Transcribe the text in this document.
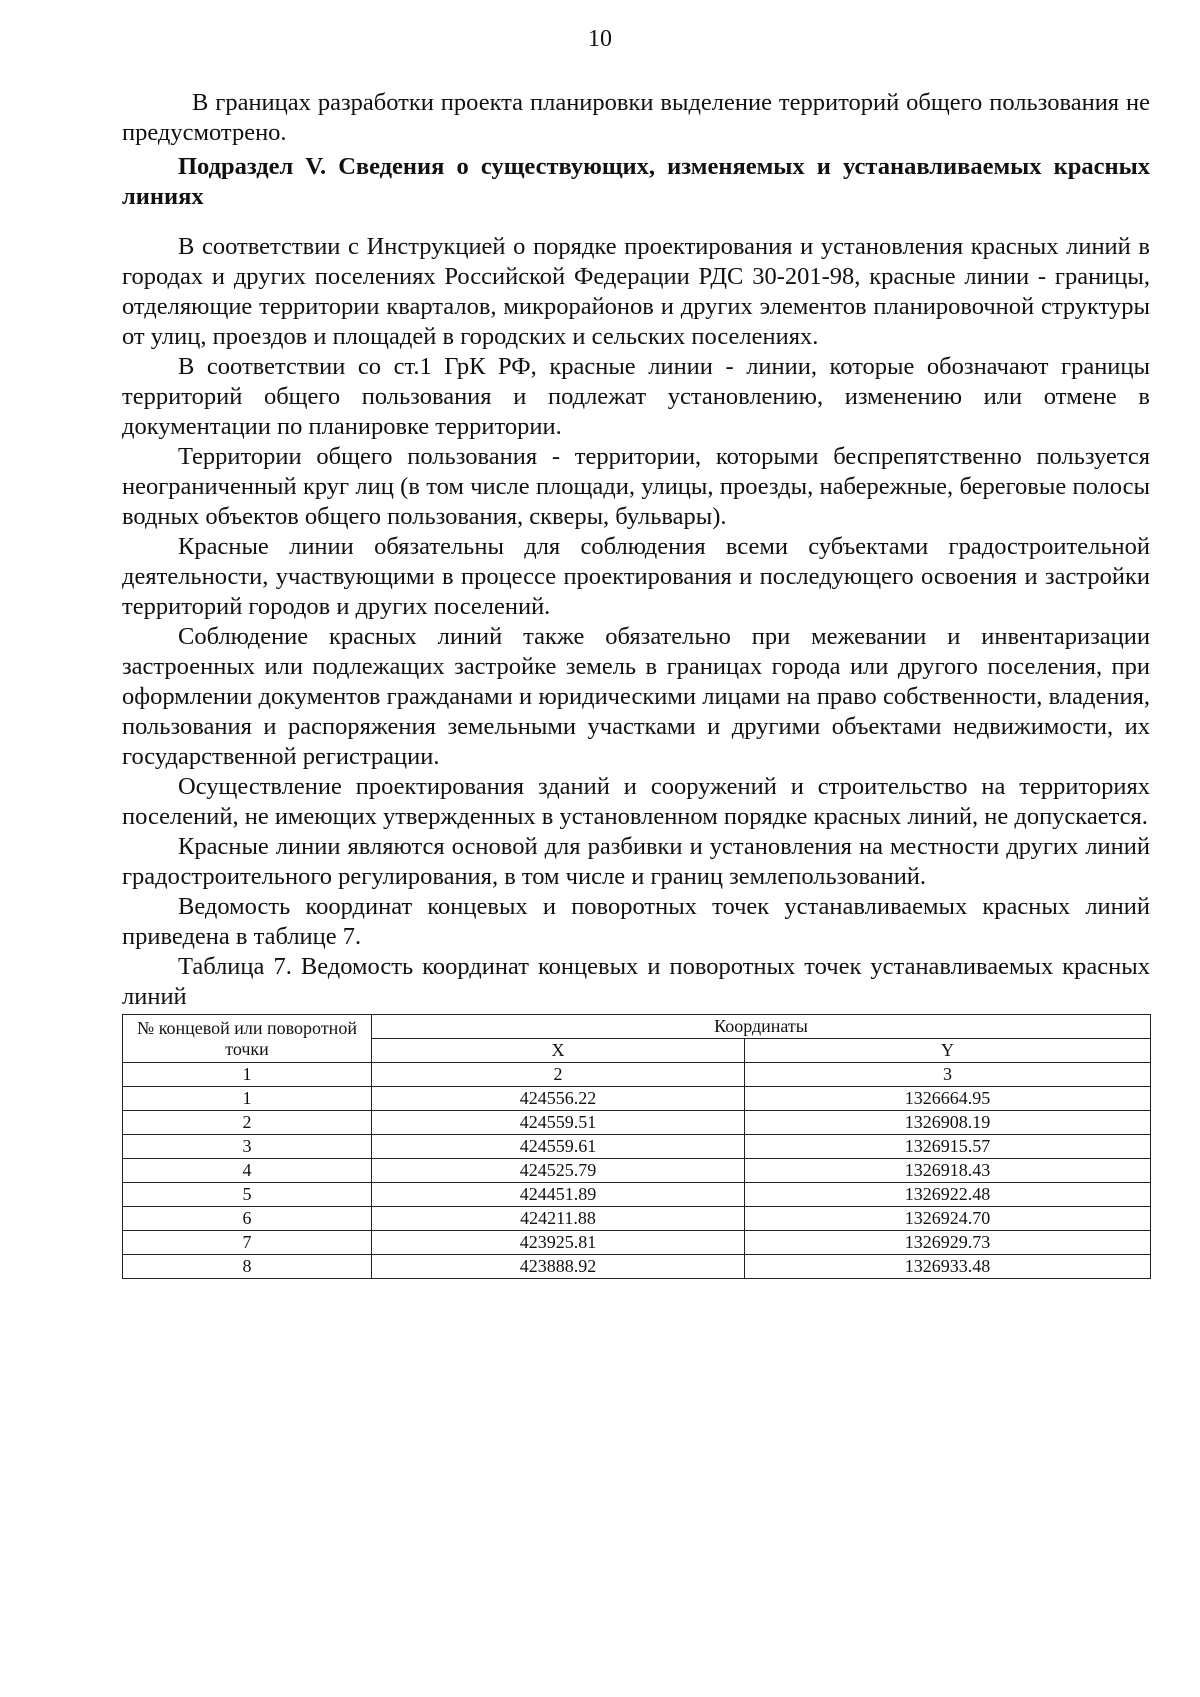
10

В границах разработки проекта планировки выделение территорий общего пользования не предусмотрено.

Подраздел V. Сведения о существующих, изменяемых и устанавливаемых красных линиях

В соответствии с Инструкцией о порядке проектирования и установления красных линий в городах и других поселениях Российской Федерации РДС 30-201-98, красные линии - границы, отделяющие территории кварталов, микрорайонов и других элементов планировочной структуры от улиц, проездов и площадей в городских и сельских поселениях.

В соответствии со ст.1 ГрК РФ, красные линии - линии, которые обозначают границы территорий общего пользования и подлежат установлению, изменению или отмене в документации по планировке территории.

Территории общего пользования - территории, которыми беспрепятственно пользуется неограниченный круг лиц (в том числе площади, улицы, проезды, набережные, береговые полосы водных объектов общего пользования, скверы, бульвары).

Красные линии обязательны для соблюдения всеми субъектами градостроительной деятельности, участвующими в процессе проектирования и последующего освоения и застройки территорий городов и других поселений.

Соблюдение красных линий также обязательно при межевании и инвентаризации застроенных или подлежащих застройке земель в границах города или другого поселения, при оформлении документов гражданами и юридическими лицами на право собственности, владения, пользования и распоряжения земельными участками и другими объектами недвижимости, их государственной регистрации.

Осуществление проектирования зданий и сооружений и строительство на территориях поселений, не имеющих утвержденных в установленном порядке красных линий, не допускается.

Красные линии являются основой для разбивки и установления на местности других линий градостроительного регулирования, в том числе и границ землепользований.

Ведомость координат концевых и поворотных точек устанавливаемых красных линий приведена в таблице 7.

Таблица 7. Ведомость координат концевых и поворотных точек устанавливаемых красных линий

№ концевой или поворотной точки	Координаты	
	X	Y
1	2	3
1	424556.22	1326664.95
2	424559.51	1326908.19
3	424559.61	1326915.57
4	424525.79	1326918.43
5	424451.89	1326922.48
6	424211.88	1326924.70
7	423925.81	1326929.73
8	423888.92	1326933.48
